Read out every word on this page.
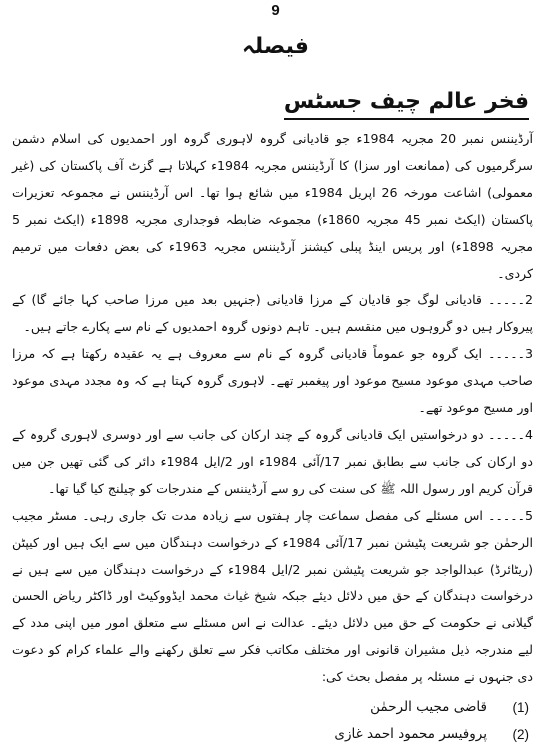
9
فیصلہ
فخر عالم چیف جسٹس

آرڈیننس نمبر 20 مجریہ 1984ء جو قادیانی گروہ لاہوری گروہ اور احمدیوں کی اسلام دشمن سرگرمیوں کی (ممانعت اور سزا) کا آرڈیننس مجریہ 1984ء کہلاتا ہے گزٹ آف پاکستان کی (غیر معمولی) اشاعت مورخہ 26 اپریل 1984ء میں شائع ہوا تھا۔ اس آرڈیننس نے مجموعہ تعزیرات پاکستان (ایکٹ نمبر 45 مجریہ 1860ء) مجموعہ ضابطہ فوجداری مجریہ 1898ء (ایکٹ نمبر 5 مجریہ 1898ء) اور پریس اینڈ پبلی کیشنز آرڈیننس مجریہ 1963ء کی بعض دفعات میں ترمیم کردی۔

2۔۔۔۔۔ قادیانی لوگ جو قادیان کے مرزا قادیانی (جنہیں بعد میں مرزا صاحب کہا جائے گا) کے پیروکار ہیں دو گروہوں میں منقسم ہیں۔ تاہم دونوں گروہ احمدیوں کے نام سے پکارے جاتے ہیں۔

3۔۔۔۔۔ ایک گروہ جو عموماً قادیانی گروہ کے نام سے معروف ہے یہ عقیدہ رکھتا ہے کہ مرزا صاحب مہدی موعود مسیح موعود اور پیغمبر تھے۔ لاہوری گروہ کہتا ہے کہ وہ مجدد مہدی موعود اور مسیح موعود تھے۔

4۔۔۔۔۔ دو درخواستیں ایک قادیانی گروہ کے چند ارکان کی جانب سے اور دوسری لاہوری گروہ کے دو ارکان کی جانب سے بطابق نمبر 17/آئی 1984ء اور 2/ایل 1984ء دائر کی گئی تھیں جن میں قرآن کریم اور رسول اللہ ﷺ کی سنت کی رو سے آرڈیننس کے مندرجات کو چیلنج کیا گیا تھا۔

5۔۔۔۔۔ اس مسئلے کی مفصل سماعت چار ہفتوں سے زیادہ مدت تک جاری رہی۔ مسٹر مجیب الرحمٰن جو شریعت پٹیشن نمبر 17/آئی 1984ء کے درخواست دہندگان میں سے ایک ہیں اور کیپٹن (ریٹائرڈ) عبدالواجد جو شریعت پٹیشن نمبر 2/ایل 1984ء کے درخواست دہندگان میں سے ہیں نے درخواست دہندگان کے حق میں دلائل دیئے جبکہ شیخ غیاث محمد ایڈووکیٹ اور ڈاکٹر ریاض الحسن گیلانی نے حکومت کے حق میں دلائل دیئے۔ عدالت نے اس مسئلے سے متعلق امور میں اپنی مدد کے لیے مندرجہ ذیل مشیران قانونی اور مختلف مکاتب فکر سے تعلق رکھنے والے علماء کرام کو دعوت دی جنہوں نے مسئلہ پر مفصل بحث کی:

(1)
قاضی مجیب الرحمٰن
(2)
پروفیسر محمود احمد غازی
